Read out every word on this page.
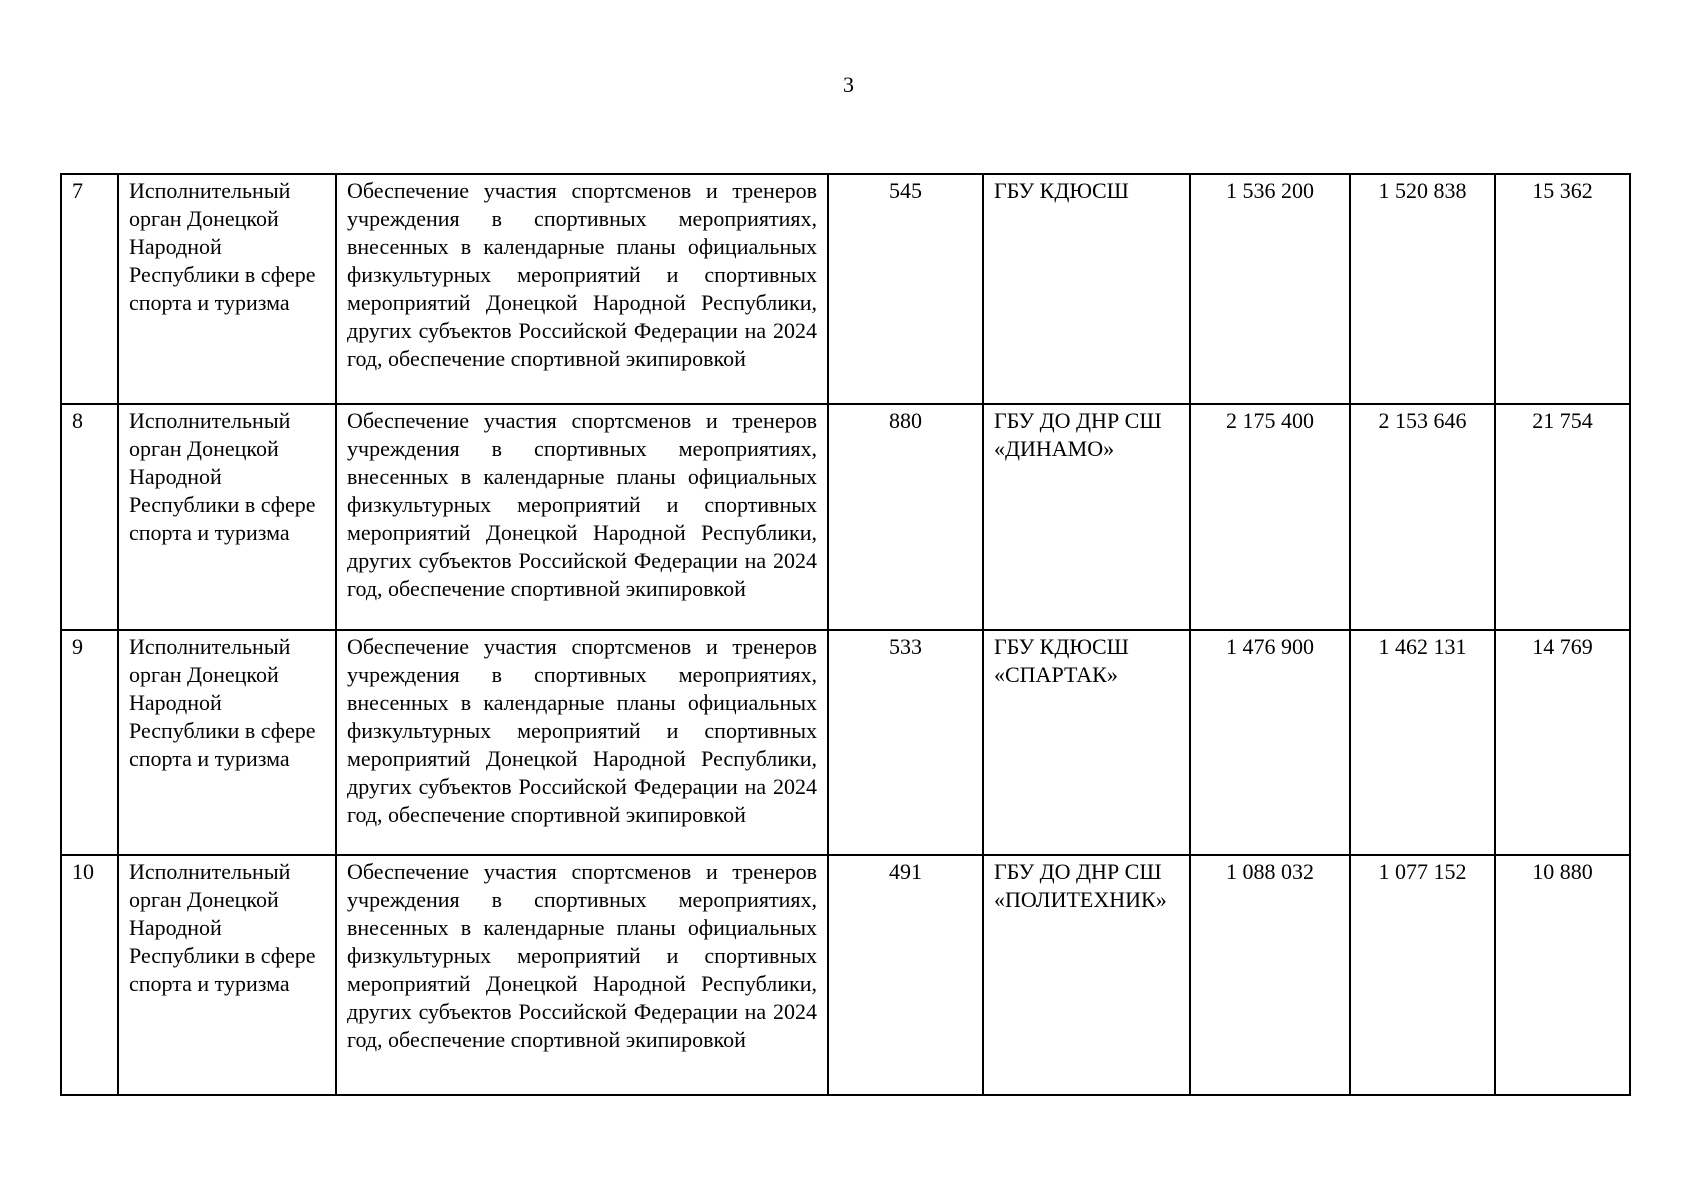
3
7	Исполнительный орган Донецкой Народной Республики в сфере спорта и туризма	Обеспечение участия спортсменов и тренеров учреждения в спортивных мероприятиях, внесенных в календарные планы официальных физкультурных мероприятий и спортивных мероприятий Донецкой Народной Республики, других субъектов Российской Федерации на 2024 год, обеспечение спортивной экипировкой	545	ГБУ КДЮСШ	1 536 200	1 520 838	15 362
8	Исполнительный орган Донецкой Народной Республики в сфере спорта и туризма	Обеспечение участия спортсменов и тренеров учреждения в спортивных мероприятиях, внесенных в календарные планы официальных физкультурных мероприятий и спортивных мероприятий Донецкой Народной Республики, других субъектов Российской Федерации на 2024 год, обеспечение спортивной экипировкой	880	ГБУ ДО ДНР СШ «ДИНАМО»	2 175 400	2 153 646	21 754
9	Исполнительный орган Донецкой Народной Республики в сфере спорта и туризма	Обеспечение участия спортсменов и тренеров учреждения в спортивных мероприятиях, внесенных в календарные планы официальных физкультурных мероприятий и спортивных мероприятий Донецкой Народной Республики, других субъектов Российской Федерации на 2024 год, обеспечение спортивной экипировкой	533	ГБУ КДЮСШ «СПАРТАК»	1 476 900	1 462 131	14 769
10	Исполнительный орган Донецкой Народной Республики в сфере спорта и туризма	Обеспечение участия спортсменов и тренеров учреждения в спортивных мероприятиях, внесенных в календарные планы официальных физкультурных мероприятий и спортивных мероприятий Донецкой Народной Республики, других субъектов Российской Федерации на 2024 год, обеспечение спортивной экипировкой	491	ГБУ ДО ДНР СШ «ПОЛИТЕХНИК»	1 088 032	1 077 152	10 880
